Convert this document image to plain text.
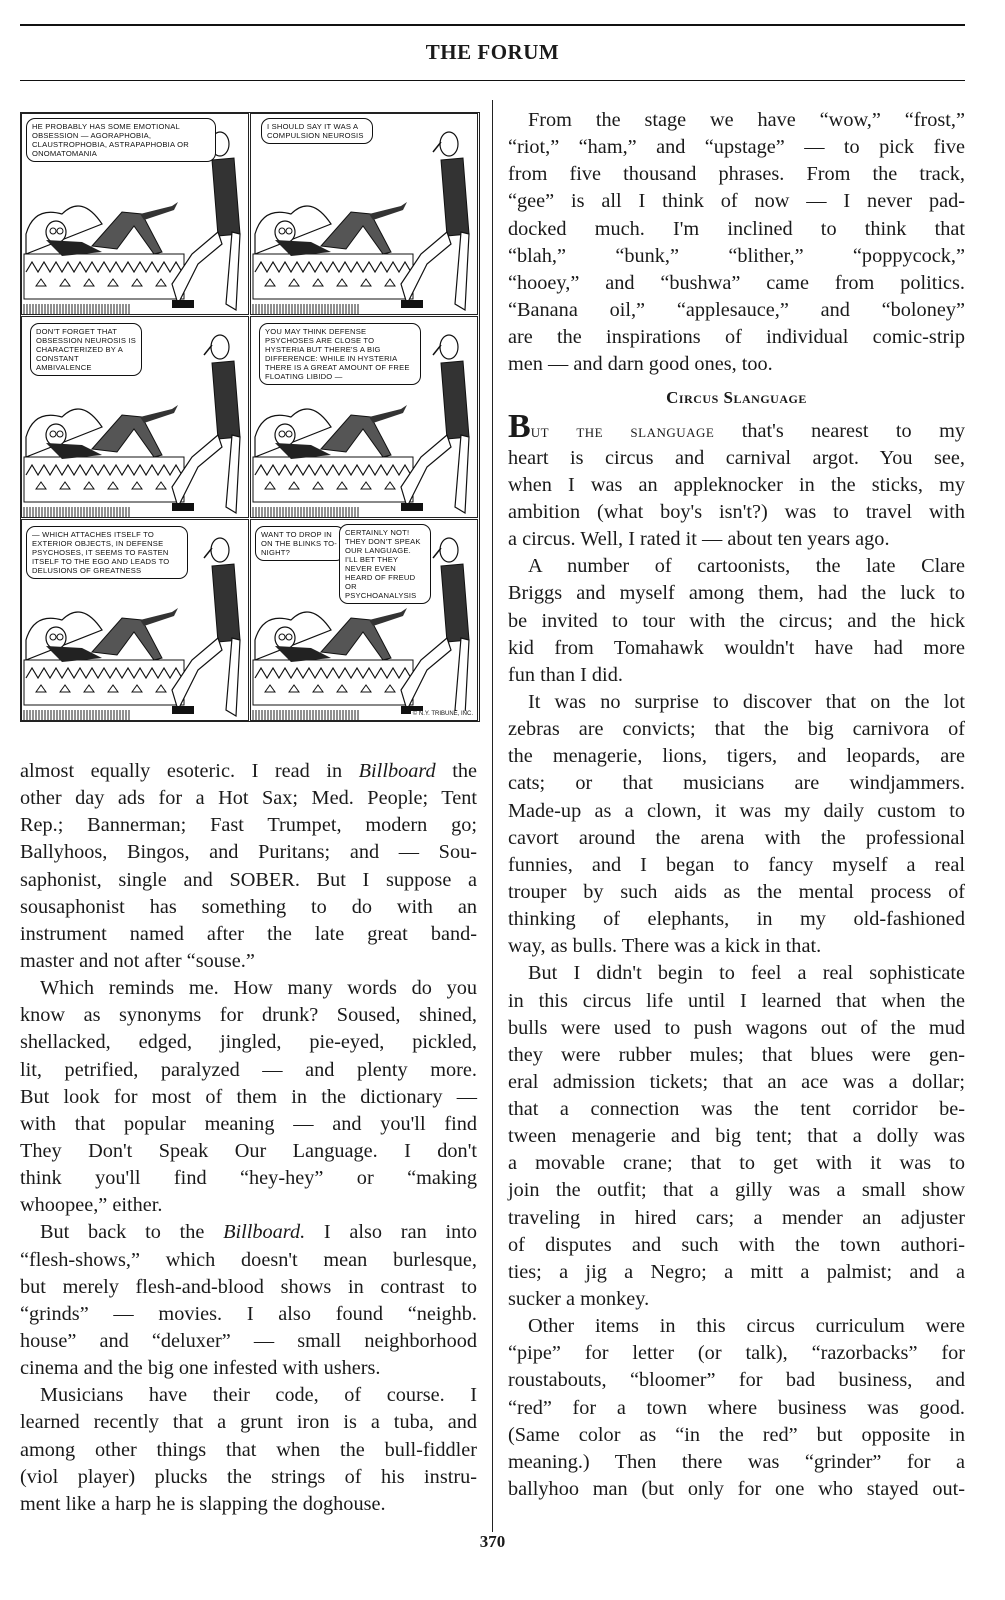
THE FORUM
© N.Y. TRIBUNE, INC.
HE PROBABLY HAS SOME EMOTIONAL OBSESSION — AGORAPHOBIA, CLAUSTROPHOBIA, ASTRAPAPHOBIA OR ONOMATOMANIA
I SHOULD SAY IT WAS A COMPULSION NEUROSIS
DON'T FORGET THAT OBSESSION NEUROSIS IS CHARACTERIZED BY A CONSTANT AMBIVALENCE
YOU MAY THINK DEFENSE PSYCHOSES ARE CLOSE TO HYSTERIA BUT THERE'S A BIG DIFFERENCE: WHILE IN HYSTERIA THERE IS A GREAT AMOUNT OF FREE FLOATING LIBIDO —
— WHICH ATTACHES ITSELF TO EXTERIOR OBJECTS, IN DEFENSE PSYCHOSES, IT SEEMS TO FASTEN ITSELF TO THE EGO AND LEADS TO DELUSIONS OF GREATNESS
WANT TO DROP IN ON THE BLINKS TO-NIGHT?
CERTAINLY NOT! THEY DON'T SPEAK OUR LANGUAGE. I'LL BET THEY NEVER EVEN HEARD OF FREUD OR PSYCHOANALYSIS
almost equally esoteric. I read in Billboard the
other day ads for a Hot Sax; Med. People; Tent
Rep.; Bannerman; Fast Trumpet, modern go;
Ballyhoos, Bingos, and Puritans; and — Sou-
saphonist, single and SOBER. But I suppose a
sousaphonist has something to do with an
instrument named after the late great band-
master and not after “souse.”
Which reminds me. How many words do you
know as synonyms for drunk? Soused, shined,
shellacked, edged, jingled, pie-eyed, pickled,
lit, petrified, paralyzed — and plenty more.
But look for most of them in the dictionary —
with that popular meaning — and you'll find
They Don't Speak Our Language. I don't
think you'll find “hey-hey” or “making
whoopee,” either.
But back to the Billboard. I also ran into
“flesh-shows,” which doesn't mean burlesque,
but merely flesh-and-blood shows in contrast to
“grinds” — movies. I also found “neighb.
house” and “deluxer” — small neighborhood
cinema and the big one infested with ushers.
Musicians have their code, of course. I
learned recently that a grunt iron is a tuba, and
among other things that when the bull-fiddler
(viol player) plucks the strings of his instru-
ment like a harp he is slapping the doghouse.
From the stage we have “wow,” “frost,”
“riot,” “ham,” and “upstage” — to pick five
from five thousand phrases. From the track,
“gee” is all I think of now — I never pad-
docked much. I'm inclined to think that
“blah,” “bunk,” “blither,” “poppycock,”
“hooey,” and “bushwa” came from politics.
“Banana oil,” “applesauce,” and “boloney”
are the inspirations of individual comic-strip
men — and darn good ones, too.
Circus Slanguage
But the slanguage that's nearest to my
heart is circus and carnival argot. You see,
when I was an appleknocker in the sticks, my
ambition (what boy's isn't?) was to travel with
a circus. Well, I rated it — about ten years ago.
A number of cartoonists, the late Clare
Briggs and myself among them, had the luck to
be invited to tour with the circus; and the hick
kid from Tomahawk wouldn't have had more
fun than I did.
It was no surprise to discover that on the lot
zebras are convicts; that the big carnivora of
the menagerie, lions, tigers, and leopards, are
cats; or that musicians are windjammers.
Made-up as a clown, it was my daily custom to
cavort around the arena with the professional
funnies, and I began to fancy myself a real
trouper by such aids as the mental process of
thinking of elephants, in my old-fashioned
way, as bulls. There was a kick in that.
But I didn't begin to feel a real sophisticate
in this circus life until I learned that when the
bulls were used to push wagons out of the mud
they were rubber mules; that blues were gen-
eral admission tickets; that an ace was a dollar;
that a connection was the tent corridor be-
tween menagerie and big tent; that a dolly was
a movable crane; that to get with it was to
join the outfit; that a gilly was a small show
traveling in hired cars; a mender an adjuster
of disputes and such with the town authori-
ties; a jig a Negro; a mitt a palmist; and a
sucker a monkey.
Other items in this circus curriculum were
“pipe” for letter (or talk), “razorbacks” for
roustabouts, “bloomer” for bad business, and
“red” for a town where business was good.
(Same color as “in the red” but opposite in
meaning.) Then there was “grinder” for a
ballyhoo man (but only for one who stayed out-
370
